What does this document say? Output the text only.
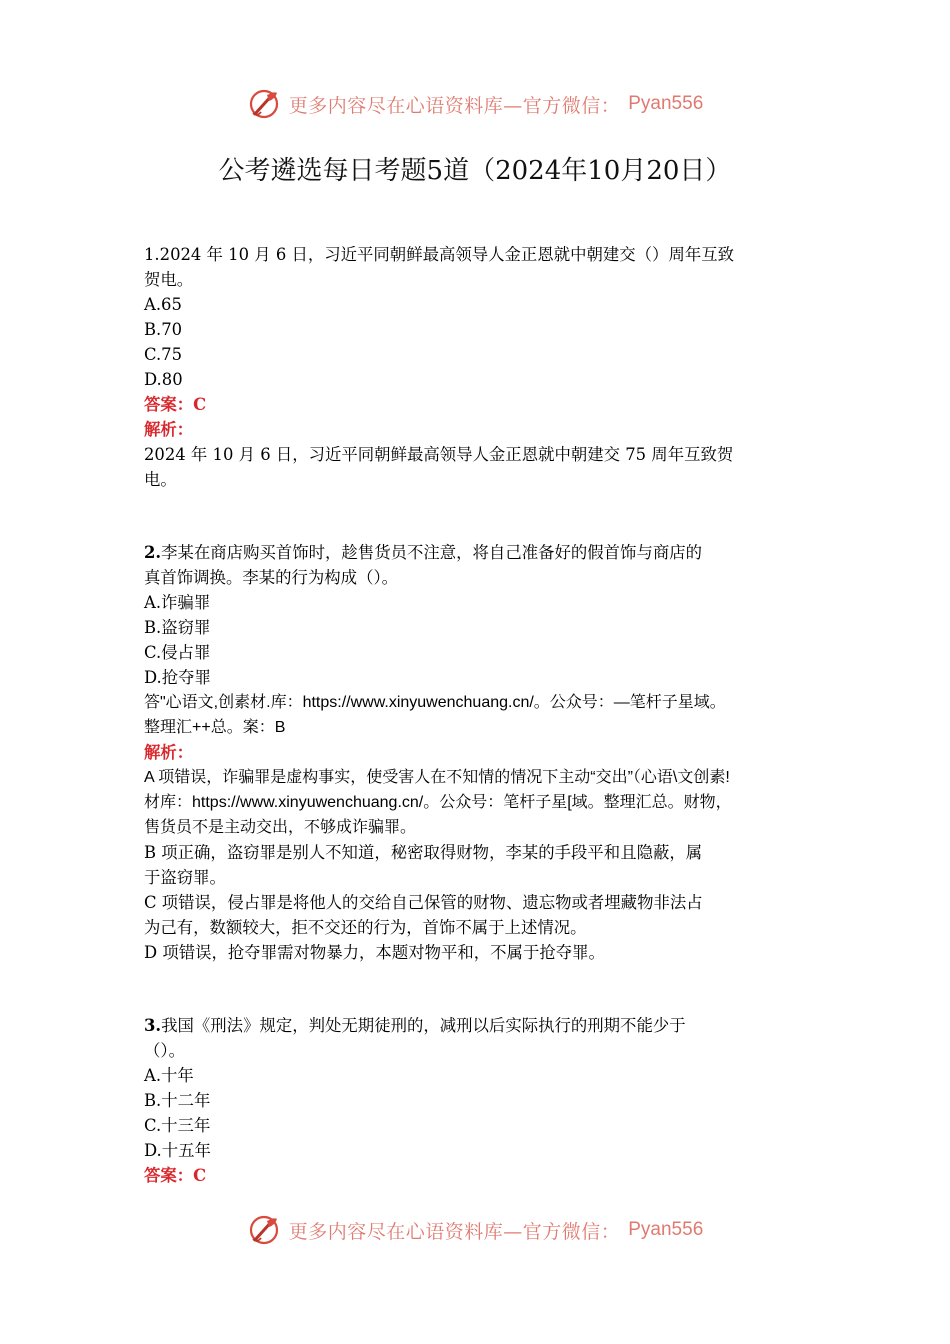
更多内容尽在心语资料库—官方微信： Pyan556
公考遴选每日考题5道（2024年10月20日）

1.2024 年 10 月 6 日，习近平同朝鲜最高领导人金正恩就中朝建交（）周年互致

贺电。

A.65

B.70

C.75

D.80

答案：C

解析：

2024 年 10 月 6 日，习近平同朝鲜最高领导人金正恩就中朝建交 75 周年互致贺

电。

2.李某在商店购买首饰时，趁售货员不注意，将自己准备好的假首饰与商店的

真首饰调换。李某的行为构成（）。

A.诈骗罪

B.盗窃罪

C.侵占罪

D.抢夺罪

答"心语文,创素材.库：https://www.xinyuwenchuang.cn/。公众号：—笔杆子星域。

整理汇++总。案：B

解析：

A 项错误，诈骗罪是虚构事实，使受害人在不知情的情况下主动“交出”（心语\文创素!

材库：https://www.xinyuwenchuang.cn/。公众号：笔杆子星[域。整理汇总。财物，

售货员不是主动交出，不够成诈骗罪。

B 项正确，盗窃罪是别人不知道，秘密取得财物，李某的手段平和且隐蔽，属

于盗窃罪。

C 项错误，侵占罪是将他人的交给自己保管的财物、遗忘物或者埋藏物非法占

为己有，数额较大，拒不交还的行为，首饰不属于上述情况。

D 项错误，抢夺罪需对物暴力，本题对物平和，不属于抢夺罪。

3.我国《刑法》规定，判处无期徒刑的，减刑以后实际执行的刑期不能少于

（）。

A.十年

B.十二年

C.十三年

D.十五年

答案：C

更多内容尽在心语资料库—官方微信： Pyan556
